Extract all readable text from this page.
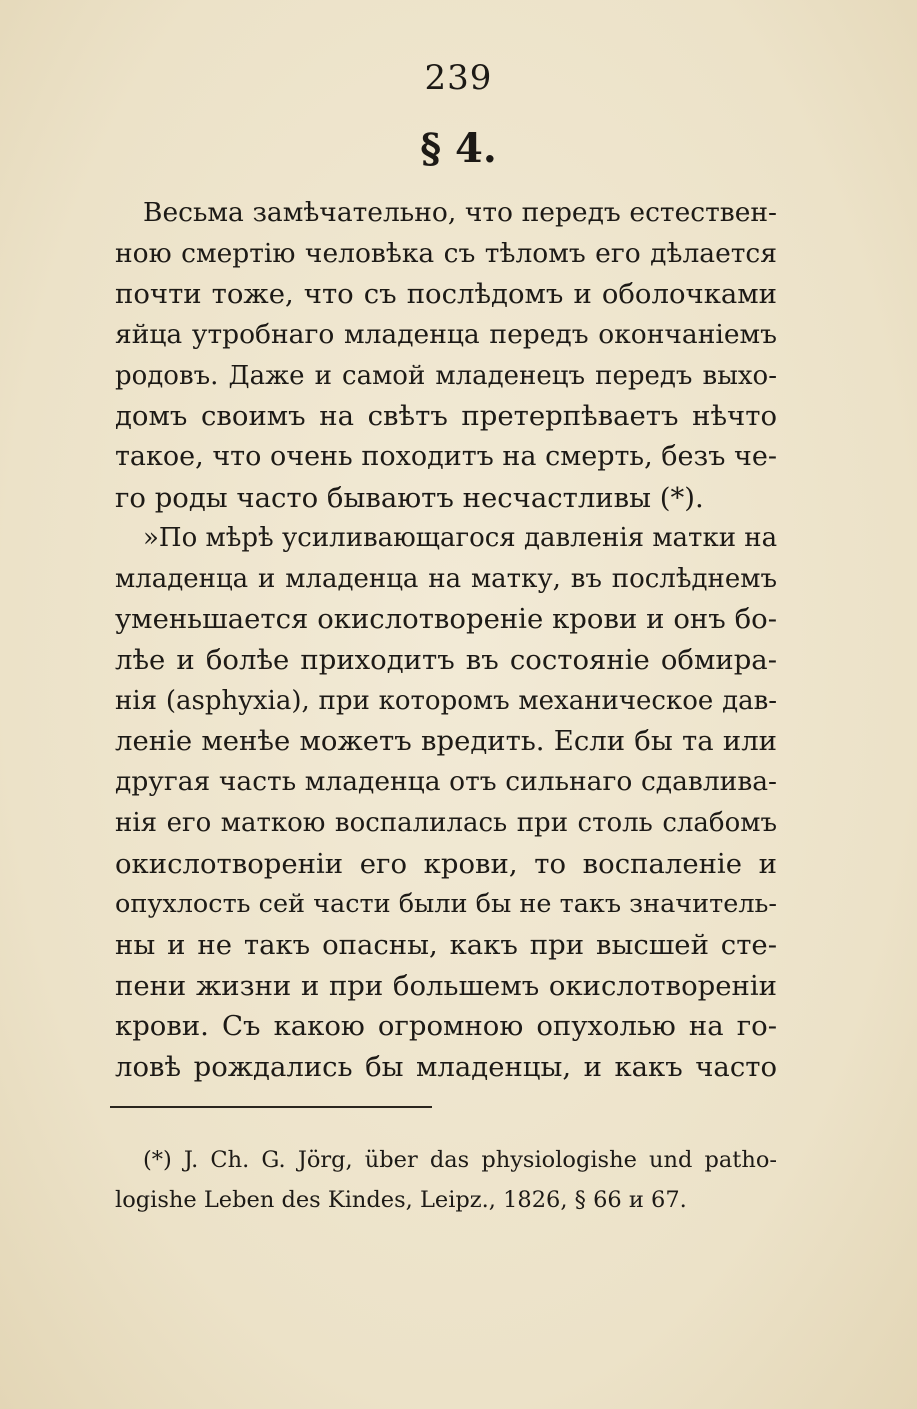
239
§ 4.
Весьма замѣчательно, что передъ естествен-
ною смертію человѣка съ тѣломъ его дѣлается
почти тоже, что съ послѣдомъ и оболочками
яйца утробнаго младенца передъ окончаніемъ
родовъ. Даже и самой младенецъ передъ выхо-
домъ своимъ на свѣтъ претерпѣваетъ нѣчто
такое, что очень походитъ на смерть, безъ че-
го роды часто бываютъ несчастливы (*).
»По мѣрѣ усиливающагося давленія матки на
младенца и младенца на матку, въ послѣднемъ
уменьшается окислотвореніе крови и онъ бо-
лѣе и болѣе приходитъ въ состояніе обмира-
нія (asphyxia), при которомъ механическое дав-
леніе менѣе можетъ вредить. Если бы та или
другая часть младенца отъ сильнаго сдавлива-
нія его маткою воспалилась при столь слабомъ
окислотвореніи его крови, то воспаленіе и
опухлость сей части были бы не такъ значитель-
ны и не такъ опасны, какъ при высшей сте-
пени жизни и при большемъ окислотвореніи
крови. Съ какою огромною опухолью на го-
ловѣ рождались бы младенцы, и какъ часто
(*) J. Ch. G. Jörg, über das physiologishe und patho-
logishe Leben des Kindes, Leipz., 1826, § 66 и 67.
